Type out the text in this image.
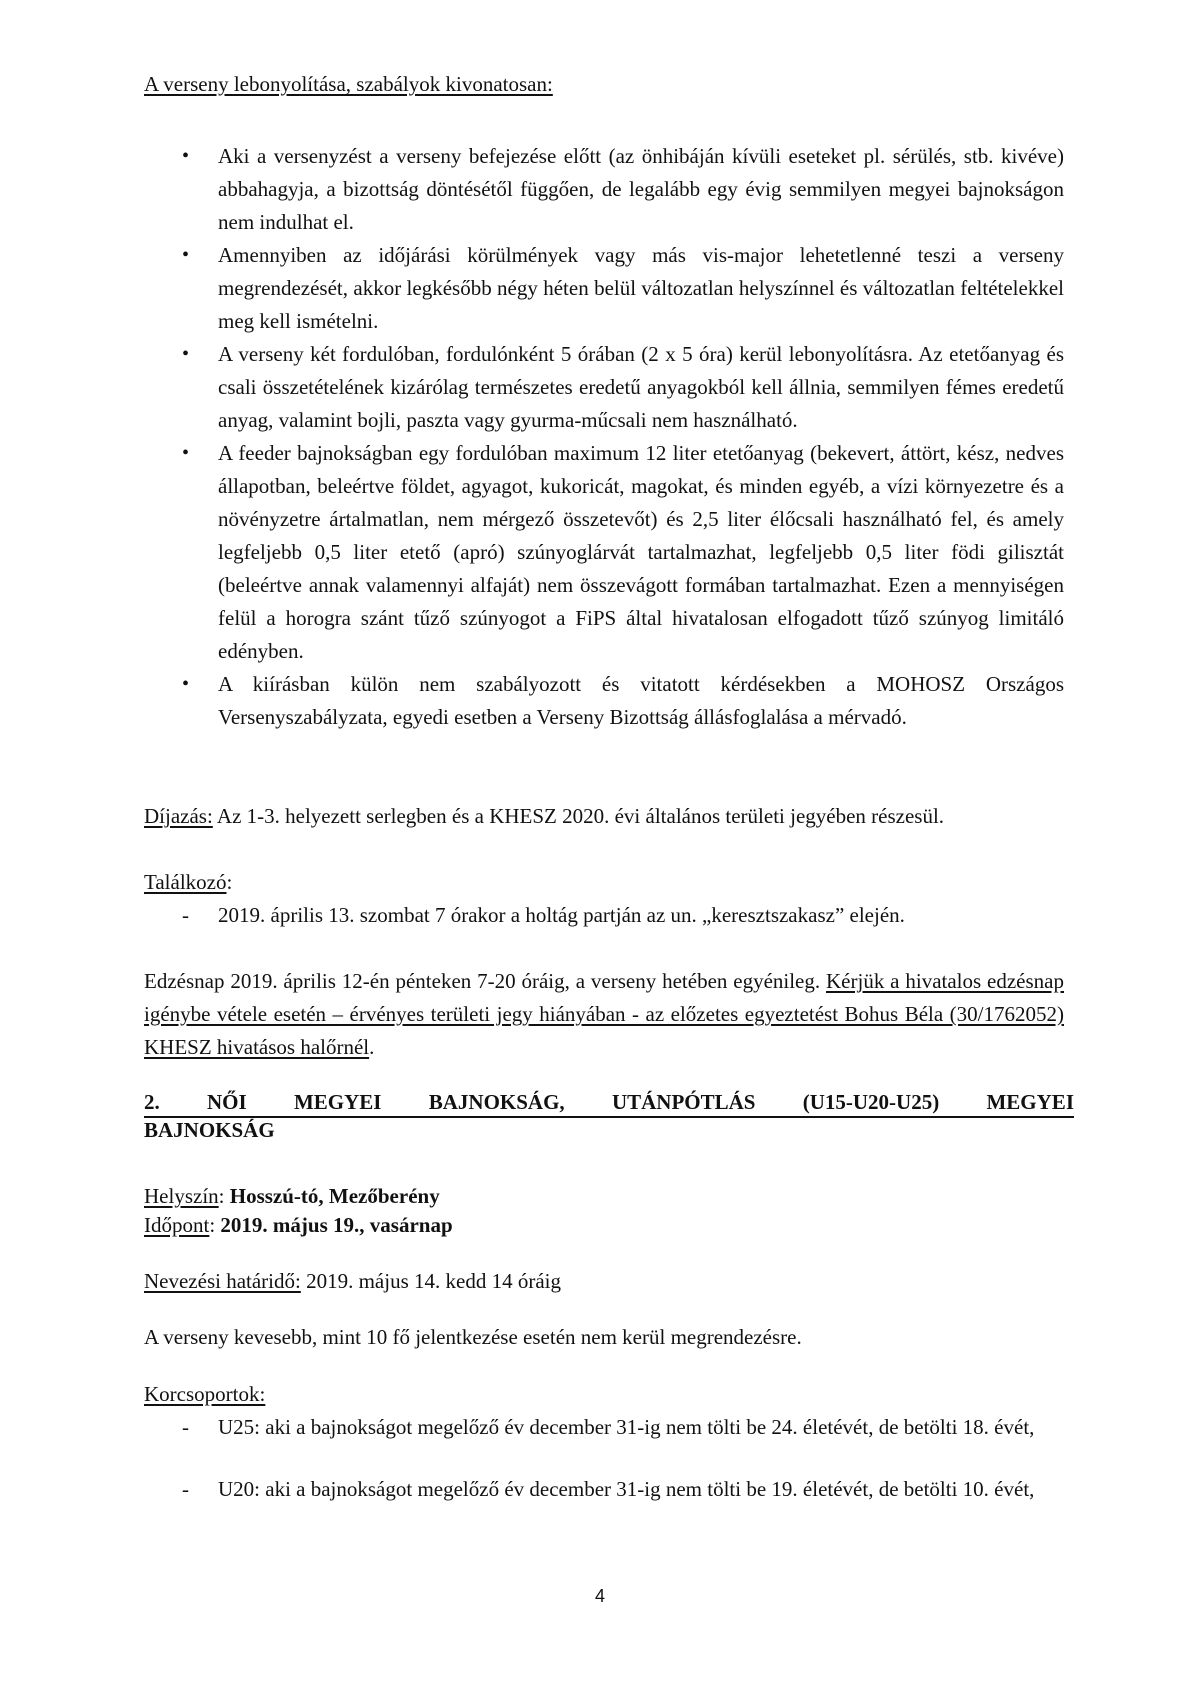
A verseny lebonyolítása, szabályok kivonatosan:
• Aki a versenyzést a verseny befejezése előtt (az önhibáján kívüli eseteket pl. sérülés, stb. kivéve) abbahagyja, a bizottság döntésétől függően, de legalább egy évig semmilyen megyei bajnokságon nem indulhat el.
• Amennyiben az időjárási körülmények vagy más vis-major lehetetlenné teszi a verseny megrendezését, akkor legkésőbb négy héten belül változatlan helyszínnel és változatlan feltételekkel meg kell ismételni.
• A verseny két fordulóban, fordulónként 5 órában (2 x 5 óra) kerül lebonyolításra. Az etetőanyag és csali összetételének kizárólag természetes eredetű anyagokból kell állnia, semmilyen fémes eredetű anyag, valamint bojli, paszta vagy gyurma-műcsali nem használható.
• A feeder bajnokságban egy fordulóban maximum 12 liter etetőanyag (bekevert, áttört, kész, nedves állapotban, beleértve földet, agyagot, kukoricát, magokat, és minden egyéb, a vízi környezetre és a növényzetre ártalmatlan, nem mérgező összetevőt) és 2,5 liter élőcsali használható fel, és amely legfeljebb 0,5 liter etető (apró) szúnyoglárvát tartalmazhat, legfeljebb 0,5 liter födi gilisztát (beleértve annak valamennyi alfaját) nem összevágott formában tartalmazhat. Ezen a mennyiségen felül a horogra szánt tűző szúnyogot a FiPS által hivatalosan elfogadott tűző szúnyog limitáló edényben.
• A kiírásban külön nem szabályozott és vitatott kérdésekben a MOHOSZ Országos Versenyszabályzata, egyedi esetben a Verseny Bizottság állásfoglalása a mérvadó.
Díjazás: Az 1-3. helyezett serlegben és a KHESZ 2020. évi általános területi jegyében részesül.
Találkozó:
- 2019. április 13. szombat 7 órakor a holtág partján az un. „keresztszakasz” elején.
Edzésnap 2019. április 12-én pénteken 7-20 óráig, a verseny hetében egyénileg. Kérjük a hivatalos edzésnap igénybe vétele esetén – érvényes területi jegy hiányában - az előzetes egyeztetést Bohus Béla (30/1762052) KHESZ hivatásos halőrnél.
2. NŐI MEGYEI BAJNOKSÁG, UTÁNPÓTLÁS (U15-U20-U25) MEGYEI
BAJNOKSÁG
Helyszín: Hosszú-tó, Mezőberény
Időpont: 2019. május 19., vasárnap
Nevezési határidő: 2019. május 14. kedd 14 óráig
A verseny kevesebb, mint 10 fő jelentkezése esetén nem kerül megrendezésre.
Korcsoportok:
- U25: aki a bajnokságot megelőző év december 31-ig nem tölti be 24. életévét, de betölti 18. évét,
- U20: aki a bajnokságot megelőző év december 31-ig nem tölti be 19. életévét, de betölti 10. évét,
4
